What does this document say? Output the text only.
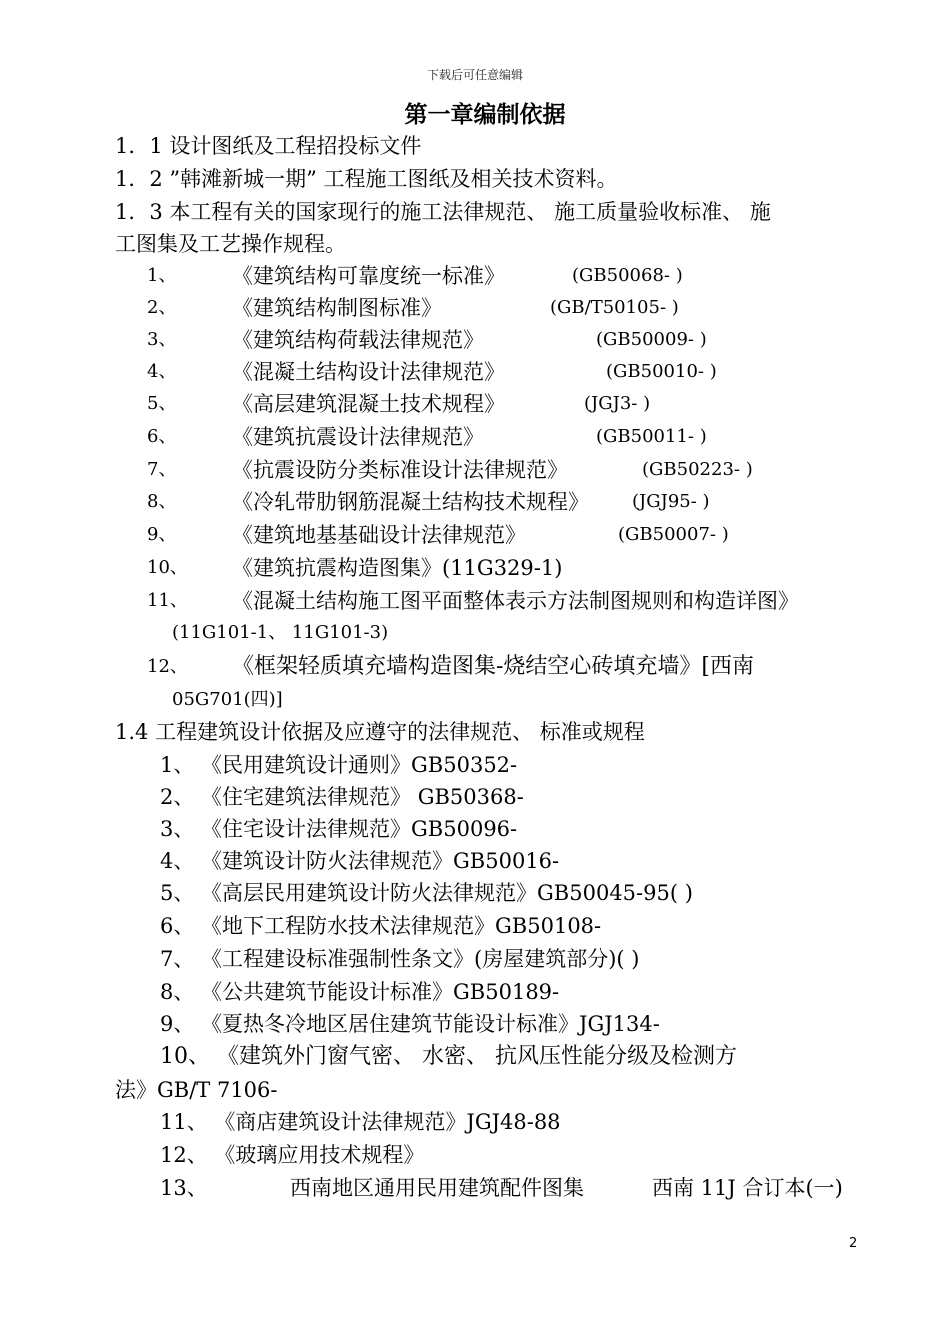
下载后可任意编辑
第一章编制依据
1．1 设计图纸及工程招投标文件
1．2 ”韩滩新城一期” 工程施工图纸及相关技术资料。
1．3 本工程有关的国家现行的施工法律规范、 施工质量验收标准、 施
工图集及工艺操作规程。
1、	《建筑结构可靠度统一标准》	(GB50068- )
2、	《建筑结构制图标准》	(GB/T50105- )
3、	《建筑结构荷载法律规范》	(GB50009- )
4、	《混凝土结构设计法律规范》	(GB50010- )
5、	《高层建筑混凝土技术规程》	(JGJ3- )
6、	《建筑抗震设计法律规范》	(GB50011- )
7、	《抗震设防分类标准设计法律规范》	(GB50223- )
8、	《冷轧带肋钢筋混凝土结构技术规程》 (JGJ95- )
9、	《建筑地基基础设计法律规范》	(GB50007- )
10、 《建筑抗震构造图集》(11G329-1)
11、 《混凝土结构施工图平面整体表示方法制图规则和构造详图》
(11G101-1、 11G101-3)
12、 《框架轻质填充墙构造图集-烧结空心砖填充墙》[西南
05G701(四)]
1.4 工程建筑设计依据及应遵守的法律规范、 标准或规程
1、 《民用建筑设计通则》GB50352-
2、 《住宅建筑法律规范》 GB50368-
3、 《住宅设计法律规范》GB50096-
4、 《建筑设计防火法律规范》GB50016-
5、 《高层民用建筑设计防火法律规范》GB50045-95( )
6、 《地下工程防水技术法律规范》GB50108-
7、 《工程建设标准强制性条文》(房屋建筑部分)( )
8、 《公共建筑节能设计标准》GB50189-
9、 《夏热冬冷地区居住建筑节能设计标准》JGJ134-
10、 《建筑外门窗气密、 水密、 抗风压性能分级及检测方
法》GB/T 7106-
11、 《商店建筑设计法律规范》JGJ48-88
12、 《玻璃应用技术规程》
13、	西南地区通用民用建筑配件图集	西南 11J 合订本(一)
2
